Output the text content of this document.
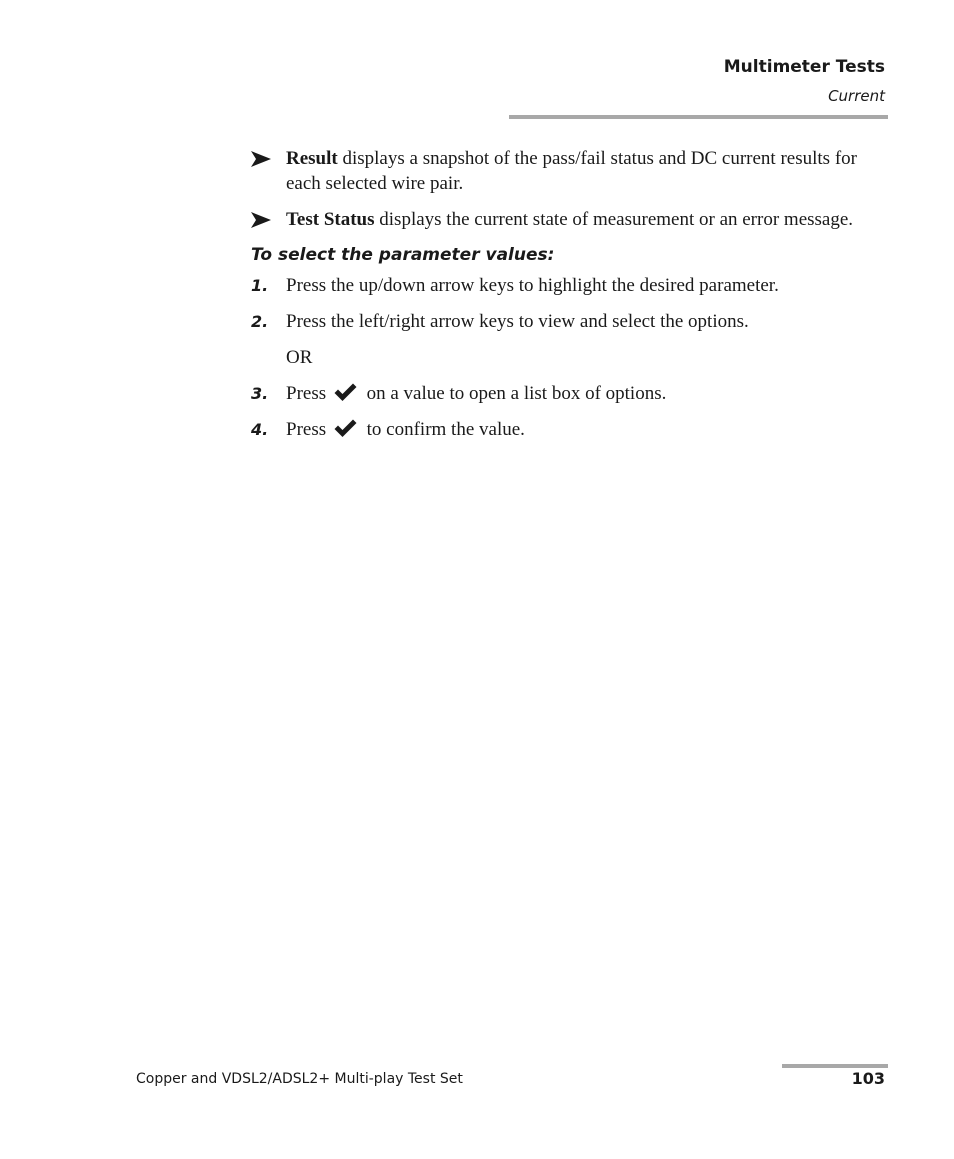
Multimeter Tests
Current
Result displays a snapshot of the pass/fail status and DC current results for each selected wire pair.
Test Status displays the current state of measurement or an error message.
To select the parameter values:
1. Press the up/down arrow keys to highlight the desired parameter.
2. Press the left/right arrow keys to view and select the options.
OR
3. Press
on a value to open a list box of options.
4. Press
to confirm the value.
Copper and VDSL2/ADSL2+ Multi-play Test Set	103
